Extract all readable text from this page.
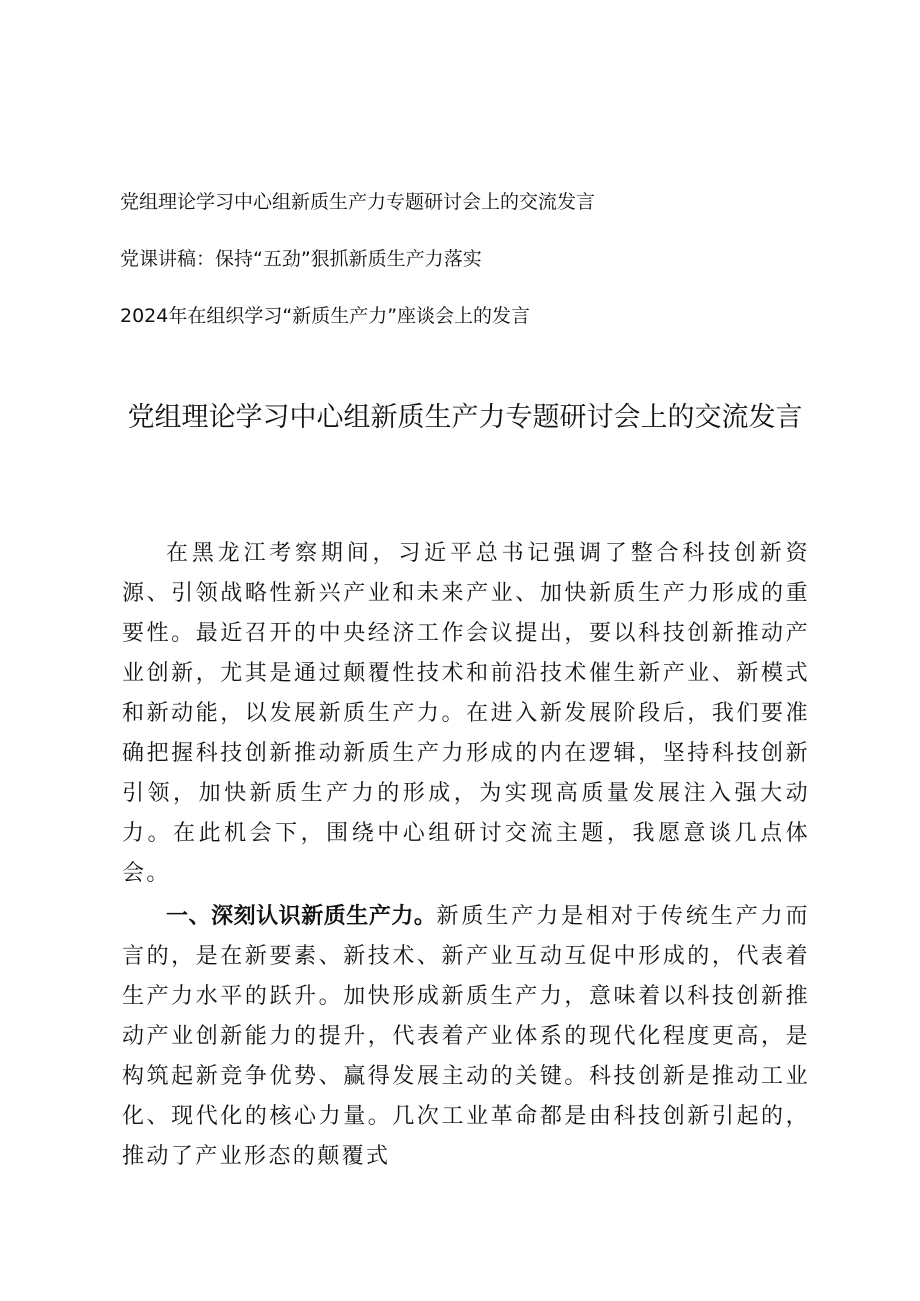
党组理论学习中心组新质生产力专题研讨会上的交流发言
党课讲稿：保持“五劲”狠抓新质生产力落实
2024年在组织学习“新质生产力”座谈会上的发言
党组理论学习中心组新质生产力专题研讨会上的交流发言

在黑龙江考察期间，习近平总书记强调了整合科技创新资源、引领战略性新兴产业和未来产业、加快新质生产力形成的重要性。最近召开的中央经济工作会议提出，要以科技创新推动产业创新，尤其是通过颠覆性技术和前沿技术催生新产业、新模式和新动能，以发展新质生产力。在进入新发展阶段后，我们要准确把握科技创新推动新质生产力形成的内在逻辑，坚持科技创新引领，加快新质生产力的形成，为实现高质量发展注入强大动力。在此机会下，围绕中心组研讨交流主题，我愿意谈几点体会。

一、深刻认识新质生产力。新质生产力是相对于传统生产力而言的，是在新要素、新技术、新产业互动互促中形成的，代表着生产力水平的跃升。加快形成新质生产力，意味着以科技创新推动产业创新能力的提升，代表着产业体系的现代化程度更高，是构筑起新竞争优势、赢得发展主动的关键。科技创新是推动工业化、现代化的核心力量。几次工业革命都是由科技创新引起的，推动了产业形态的颠覆式
